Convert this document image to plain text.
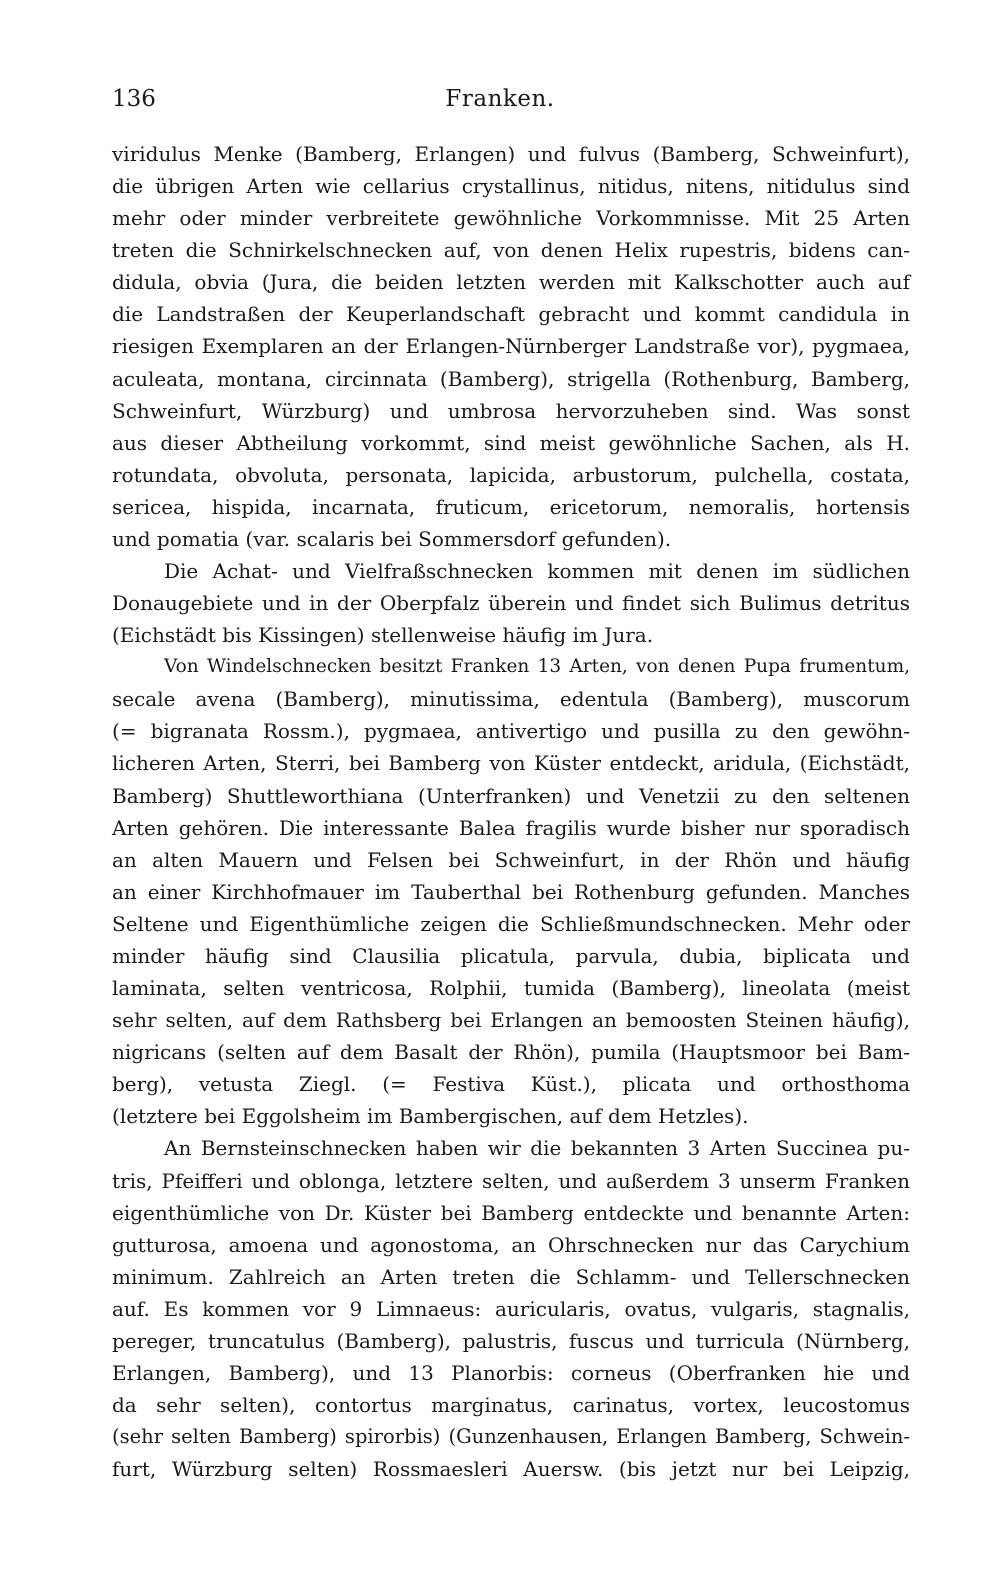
136	Franken.
viridulus Menke (Bamberg, Erlangen) und fulvus (Bamberg, Schweinfurt),
die übrigen Arten wie cellarius crystallinus, nitidus, nitens, nitidulus sind
mehr oder minder verbreitete gewöhnliche Vorkommnisse. Mit 25 Arten
treten die Schnirkelschnecken auf, von denen Helix rupestris, bidens can-
didula, obvia (Jura, die beiden letzten werden mit Kalkschotter auch auf
die Landstraßen der Keuperlandschaft gebracht und kommt candidula in
riesigen Exemplaren an der Erlangen-Nürnberger Landstraße vor), pygmaea,
aculeata, montana, circinnata (Bamberg), strigella (Rothenburg, Bamberg,
Schweinfurt, Würzburg) und umbrosa hervorzuheben sind. Was sonst
aus dieser Abtheilung vorkommt, sind meist gewöhnliche Sachen, als H.
rotundata, obvoluta, personata, lapicida, arbustorum, pulchella, costata,
sericea, hispida, incarnata, fruticum, ericetorum, nemoralis, hortensis
und pomatia (var. scalaris bei Sommersdorf gefunden).
Die Achat- und Vielfraßschnecken kommen mit denen im südlichen
Donaugebiete und in der Oberpfalz überein und findet sich Bulimus detritus
(Eichstädt bis Kissingen) stellenweise häufig im Jura.
Von Windelschnecken besitzt Franken 13 Arten, von denen Pupa frumentum,
secale avena (Bamberg), minutissima, edentula (Bamberg), muscorum
(= bigranata Rossm.), pygmaea, antivertigo und pusilla zu den gewöhn-
licheren Arten, Sterri, bei Bamberg von Küster entdeckt, aridula, (Eichstädt,
Bamberg) Shuttleworthiana (Unterfranken) und Venetzii zu den seltenen
Arten gehören. Die interessante Balea fragilis wurde bisher nur sporadisch
an alten Mauern und Felsen bei Schweinfurt, in der Rhön und häufig
an einer Kirchhofmauer im Tauberthal bei Rothenburg gefunden. Manches
Seltene und Eigenthümliche zeigen die Schließmundschnecken. Mehr oder
minder häufig sind Clausilia plicatula, parvula, dubia, biplicata und
laminata, selten ventricosa, Rolphii, tumida (Bamberg), lineolata (meist
sehr selten, auf dem Rathsberg bei Erlangen an bemoosten Steinen häufig),
nigricans (selten auf dem Basalt der Rhön), pumila (Hauptsmoor bei Bam-
berg), vetusta Ziegl. (= Festiva Küst.), plicata und orthosthoma
(letztere bei Eggolsheim im Bambergischen, auf dem Hetzles).
An Bernsteinschnecken haben wir die bekannten 3 Arten Succinea pu-
tris, Pfeifferi und oblonga, letztere selten, und außerdem 3 unserm Franken
eigenthümliche von Dr. Küster bei Bamberg entdeckte und benannte Arten:
gutturosa, amoena und agonostoma, an Ohrschnecken nur das Carychium
minimum. Zahlreich an Arten treten die Schlamm- und Tellerschnecken
auf. Es kommen vor 9 Limnaeus: auricularis, ovatus, vulgaris, stagnalis,
pereger, truncatulus (Bamberg), palustris, fuscus und turricula (Nürnberg,
Erlangen, Bamberg), und 13 Planorbis: corneus (Oberfranken hie und
da sehr selten), contortus marginatus, carinatus, vortex, leucostomus
(sehr selten Bamberg) spirorbis) (Gunzenhausen, Erlangen Bamberg, Schwein-
furt, Würzburg selten) Rossmaesleri Auersw. (bis jetzt nur bei Leipzig,
